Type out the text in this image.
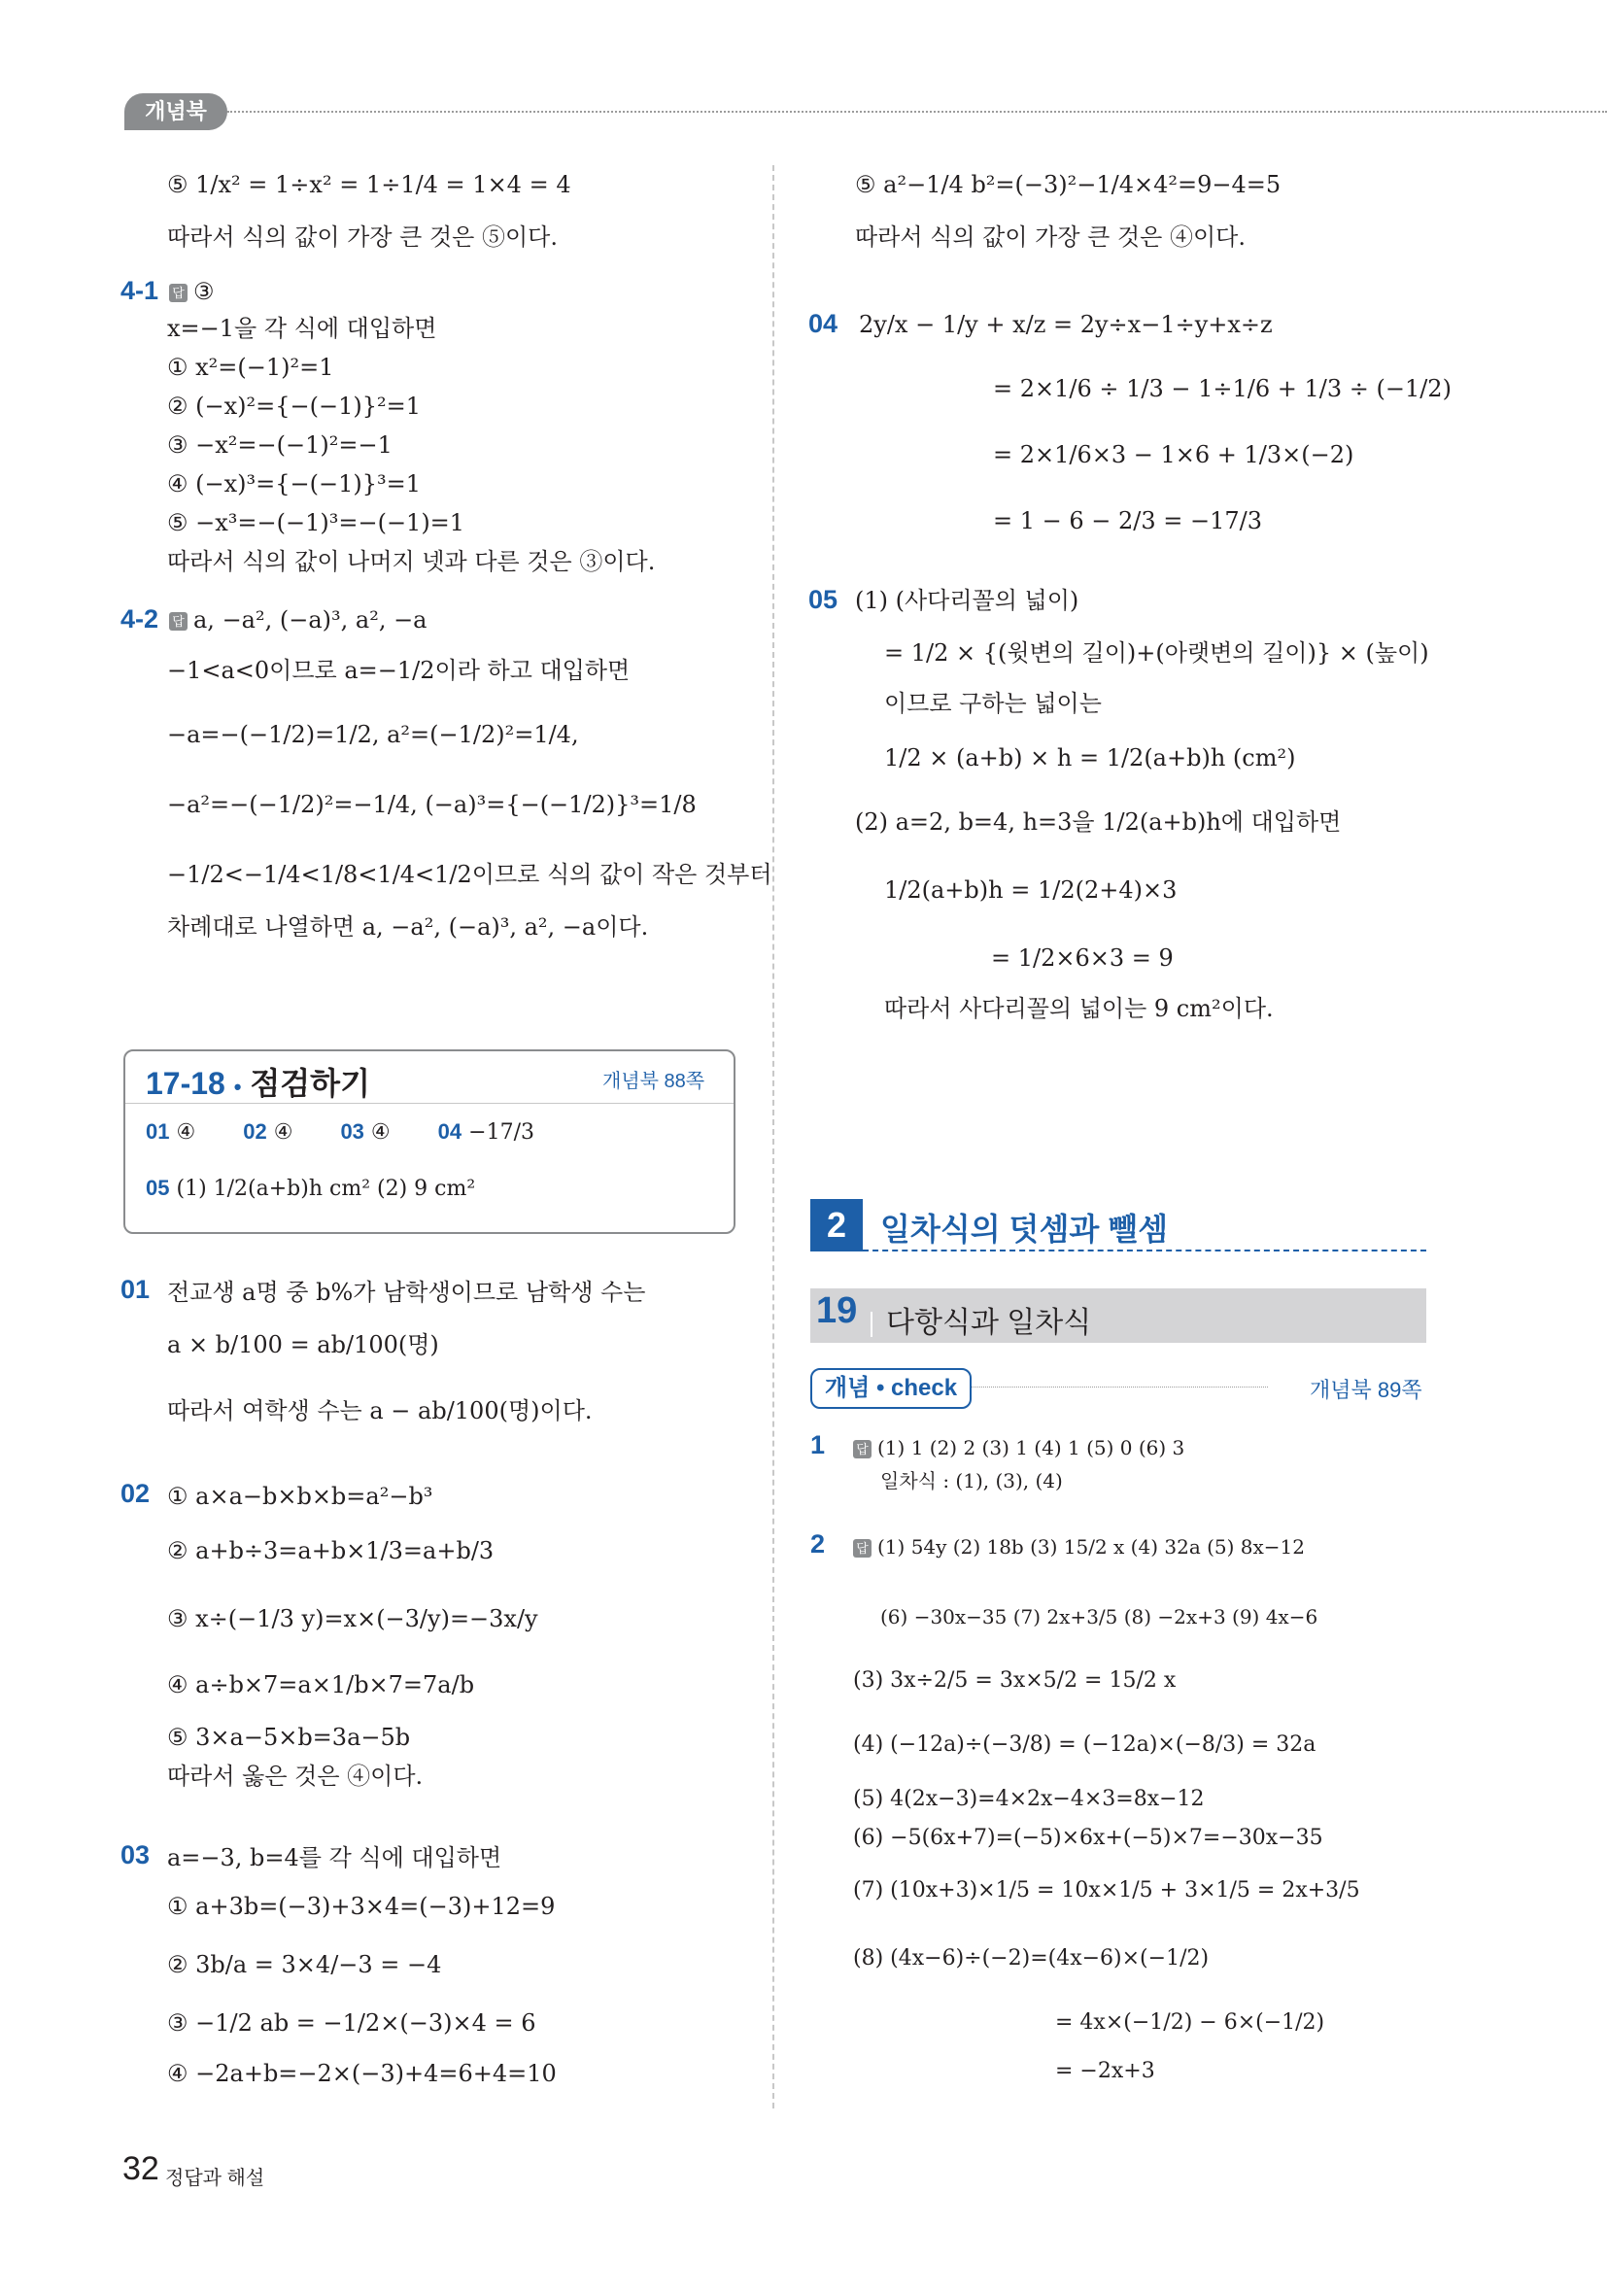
개념북
⑤ 1/x² = 1÷x² = 1÷1/4 = 1×4 = 4
따라서 식의 값이 가장 큰 것은 ⑤이다.
4-1 답 ③
x=−1을 각 식에 대입하면
① x²=(−1)²=1
② (−x)²={−(−1)}²=1
③ −x²=−(−1)²=−1
④ (−x)³={−(−1)}³=1
⑤ −x³=−(−1)³=−(−1)=1
따라서 식의 값이 나머지 넷과 다른 것은 ③이다.
4-2 답 a, −a², (−a)³, a², −a
−1<a<0이므로 a=−1/2이라 하고 대입하면
−a=−(−1/2)=1/2, a²=(−1/2)²=1/4,
−a²=−(−1/2)²=−1/4, (−a)³={−(−1/2)}³=1/8
−1/2<−1/4<1/8<1/4<1/2이므로 식의 값이 작은 것부터
차례대로 나열하면 a, −a², (−a)³, a², −a이다.
17-18 • 점검하기	개념북 88쪽
01 ④ 02 ④ 03 ④ 04 −17/3
05 (1) 1/2(a+b)h cm² (2) 9 cm²
01 전교생 a명 중 b%가 남학생이므로 남학생 수는
a × b/100 = ab/100(명)
따라서 여학생 수는 a − ab/100(명)이다.
02 ① a×a−b×b×b=a²−b³
② a+b÷3=a+b×1/3=a+b/3
③ x÷(−1/3 y)=x×(−3/y)=−3x/y
④ a÷b×7=a×1/b×7=7a/b
⑤ 3×a−5×b=3a−5b
따라서 옳은 것은 ④이다.
03 a=−3, b=4를 각 식에 대입하면
① a+3b=(−3)+3×4=(−3)+12=9
② 3b/a = 3×4/−3 = −4
③ −1/2 ab = −1/2×(−3)×4 = 6
④ −2a+b=−2×(−3)+4=6+4=10
⑤ a²−1/4 b²=(−3)²−1/4×4²=9−4=5
따라서 식의 값이 가장 큰 것은 ④이다.
04 2y/x − 1/y + x/z = 2y÷x−1÷y+x÷z
= 2×1/6 ÷ 1/3 − 1÷1/6 + 1/3 ÷ (−1/2)
= 2×1/6×3 − 1×6 + 1/3×(−2)
= 1 − 6 − 2/3 = −17/3
05 (1) (사다리꼴의 넓이)
= 1/2 × {(윗변의 길이)+(아랫변의 길이)} × (높이)
이므로 구하는 넓이는
1/2 × (a+b) × h = 1/2(a+b)h (cm²)
(2) a=2, b=4, h=3을 1/2(a+b)h에 대입하면
1/2(a+b)h = 1/2(2+4)×3
= 1/2×6×3 = 9
따라서 사다리꼴의 넓이는 9 cm²이다.
2	일차식의 덧셈과 뺄셈
19 다항식과 일차식
개념 • check	개념북 89쪽
1 답 (1) 1 (2) 2 (3) 1 (4) 1 (5) 0 (6) 3
일차식 : (1), (3), (4)
2 답 (1) 54y (2) 18b (3) 15/2 x (4) 32a (5) 8x−12
(6) −30x−35 (7) 2x+3/5 (8) −2x+3 (9) 4x−6
(3) 3x÷2/5 = 3x×5/2 = 15/2 x
(4) (−12a)÷(−3/8) = (−12a)×(−8/3) = 32a
(5) 4(2x−3)=4×2x−4×3=8x−12
(6) −5(6x+7)=(−5)×6x+(−5)×7=−30x−35
(7) (10x+3)×1/5 = 10x×1/5 + 3×1/5 = 2x+3/5
(8) (4x−6)÷(−2)=(4x−6)×(−1/2)
= 4x×(−1/2) − 6×(−1/2)
= −2x+3
32 정답과 해설
